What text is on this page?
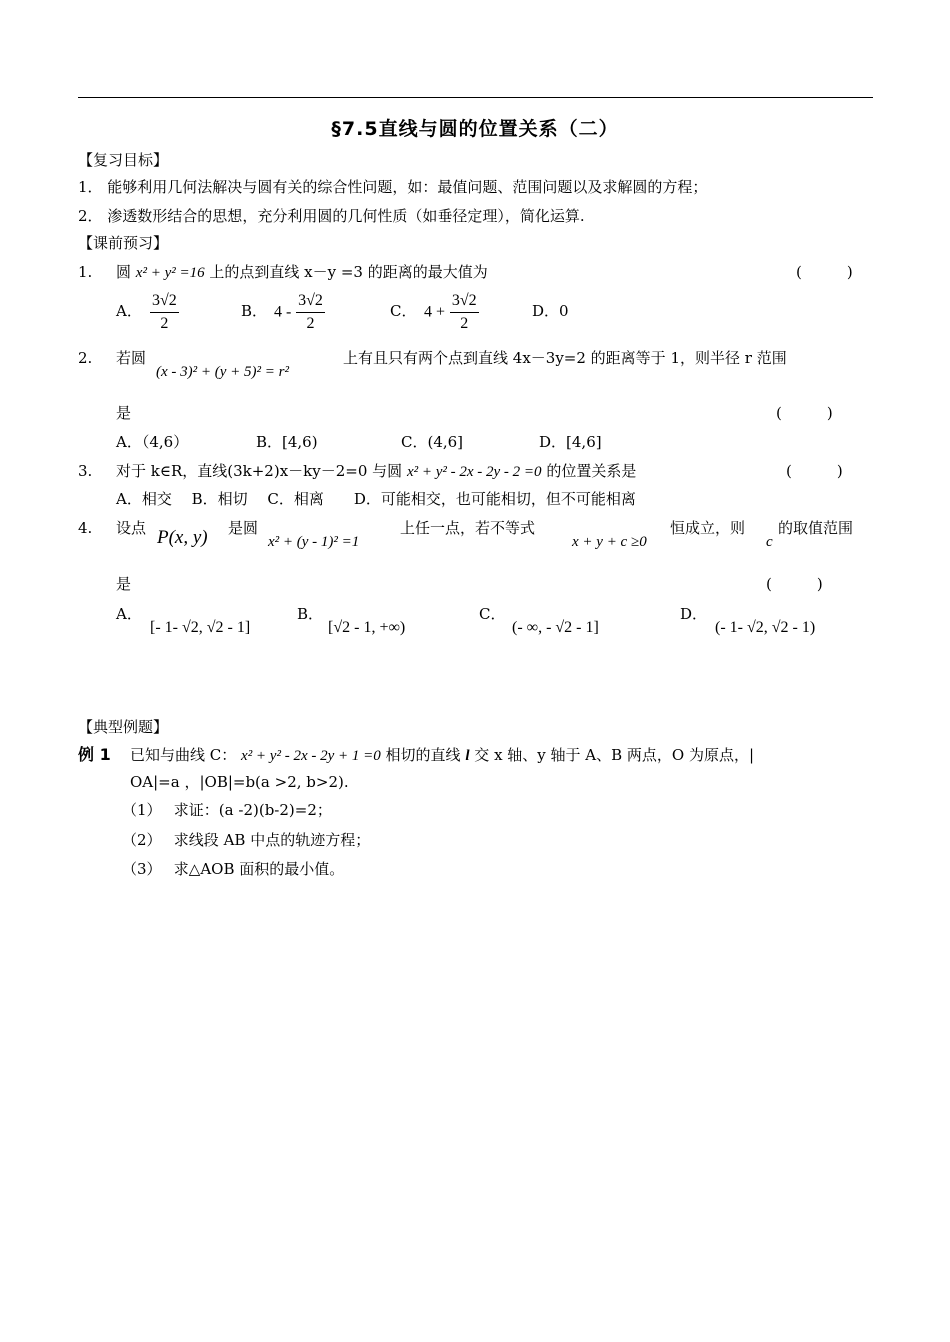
§7.5直线与圆的位置关系（二）
【复习目标】
1． 能够利用几何法解决与圆有关的综合性问题，如：最值问题、范围问题以及求解圆的方程；
2． 渗透数形结合的思想，充分利用圆的几何性质（如垂径定理），简化运算.
【课前预习】
1. 圆 x² + y² =16 上的点到直线 x－y =3 的距离的最大值为	(　　　)
A． $\frac{3√2}{2}$	B． $4 - \frac{3√2}{2}$	C． $4 + \frac{3√2}{2}$	D．0
2. 若圆
(x - 3)² + (y + 5)² = r²
上有且只有两个点到直线 4x－3y=2 的距离等于 1，则半径 r 范围
是	(　　　)
A．（4,6）	B．[4,6)	C．(4,6]	D．[4,6]
3. 对于 k∈R，直线(3k+2)x－ky－2=0 与圆 x² + y² - 2x - 2y - 2 =0 的位置关系是	(　　　)
A．相交　 B．相切　 C．相离　　D．可能相交，也可能相切，但不可能相离
4. 设点 P(x, y) 是圆
x² + (y - 1)² =1
上任一点，若不等式
x + y + c ≥0
恒成立，则
c
的取值范围
是	(　　　)
A．
[- 1- √2, √2 - 1]
B．
[√2 - 1, +∞)
C．
(- ∞, - √2 - 1]
D．
(- 1- √2, √2 - 1)
【典型例题】
例 1 已知与曲线 C： x² + y² - 2x - 2y + 1 =0 相切的直线 l 交 x 轴、y 轴于 A、B 两点，O 为原点，|
OA|=a ，|OB|=b(a >2, b>2).
（1）　 求证：(a -2)(b-2)=2；
（2）　 求线段 AB 中点的轨迹方程；
（3）　 求△AOB 面积的最小值。
